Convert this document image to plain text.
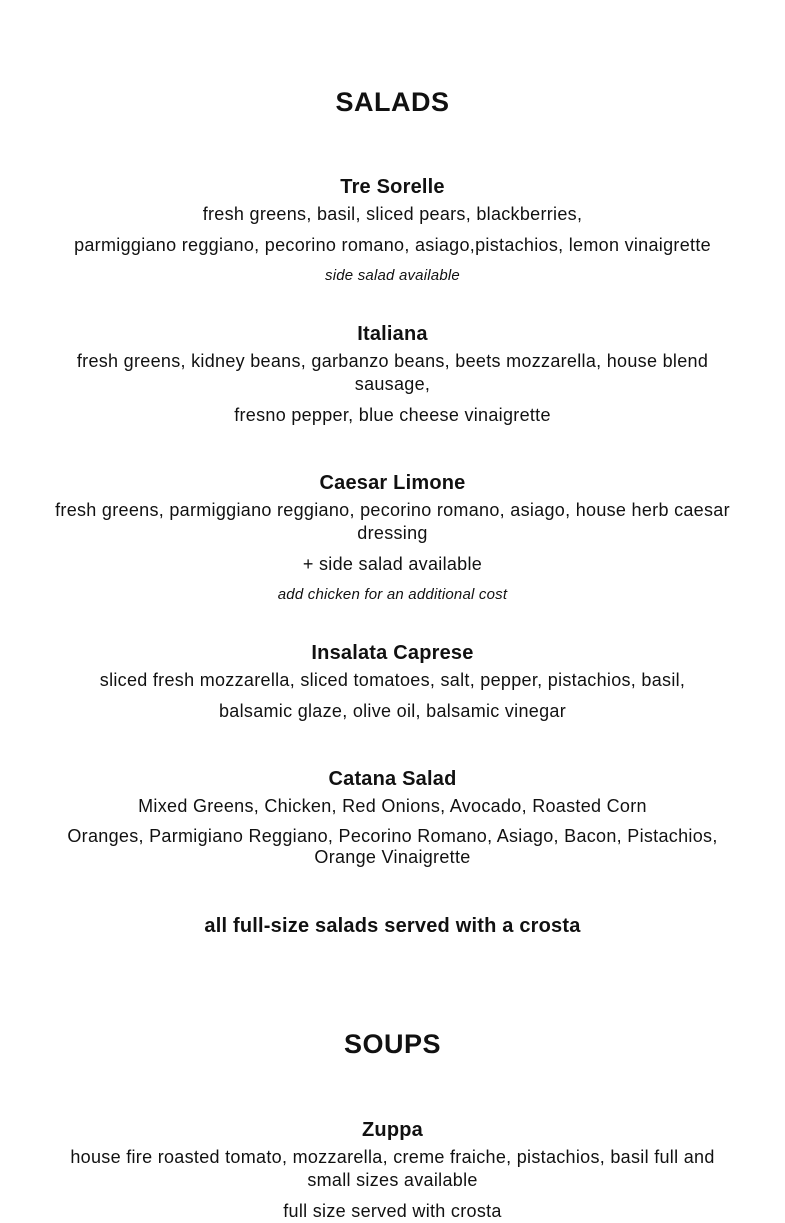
SALADS

Tre Sorelle

fresh greens, basil, sliced pears, blackberries,

parmiggiano reggiano, pecorino romano, asiago,pistachios, lemon vinaigrette

side salad available

Italiana

fresh greens, kidney beans, garbanzo beans, beets mozzarella, house blend sausage,

fresno pepper, blue cheese vinaigrette

Caesar Limone

fresh greens, parmiggiano reggiano, pecorino romano, asiago, house herb caesar dressing

+ side salad available

add chicken for an additional cost

Insalata Caprese

sliced fresh mozzarella, sliced tomatoes, salt, pepper, pistachios, basil,

balsamic glaze, olive oil, balsamic vinegar

Catana Salad

Mixed Greens, Chicken, Red Onions, Avocado, Roasted Corn

Oranges, Parmigiano Reggiano, Pecorino Romano, Asiago, Bacon, Pistachios, Orange Vinaigrette

all full-size salads served with a crosta

SOUPS

Zuppa

house fire roasted tomato, mozzarella, creme fraiche, pistachios, basil full and small sizes available

full size served with crosta
